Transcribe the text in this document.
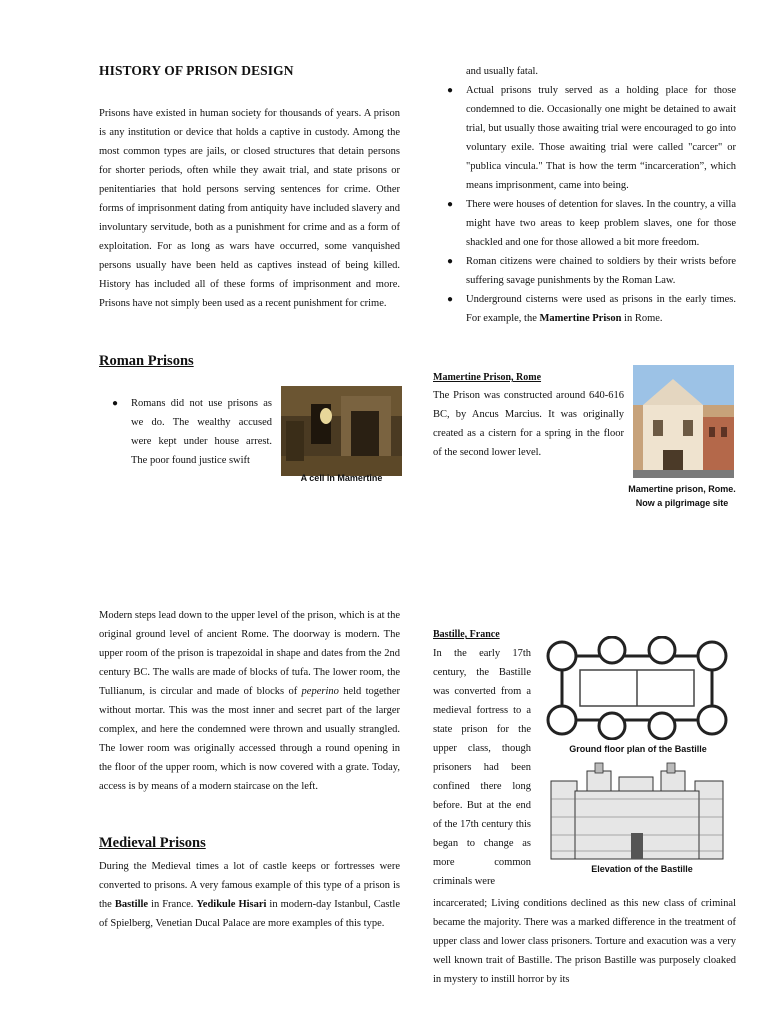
HISTORY OF PRISON DESIGN

Prisons have existed in human society for thousands of years. A prison is any institution or device that holds a captive in custody. Among the most common types are jails, or closed structures that detain persons for shorter periods, often while they await trial, and state prisons or penitentiaries that hold persons serving sentences for crime. Other forms of imprisonment dating from antiquity have included slavery and involuntary servitude, both as a punishment for crime and as a form of exploitation. For as long as wars have occurred, some vanquished persons usually have been held as captives instead of being killed. History has included all of these forms of imprisonment and more. Prisons have not simply been used as a recent punishment for crime.

Roman Prisons
● Romans did not use prisons as we do. The wealthy accused were kept under house arrest. The poor found justice swift
A cell in Mamertine

and usually fatal.

● Actual prisons truly served as a holding place for those condemned to die. Occasionally one might be detained to await trial, but usually those awaiting trial were encouraged to go into voluntary exile. Those awaiting trial were called "carcer" or "publica vincula." That is how the term “incarceration”, which means imprisonment, came into being.
● There were houses of detention for slaves. In the country, a villa might have two areas to keep problem slaves, one for those shackled and one for those allowed a bit more freedom.
● Roman citizens were chained to soldiers by their wrists before suffering savage punishments by the Roman Law.
● Underground cisterns were used as prisons in the early times. For example, the Mamertine Prison in Rome.
Mamertine Prison, Rome

The Prison was constructed around 640-616 BC, by Ancus Marcius. It was originally created as a cistern for a spring in the floor of the second lower level.

Mamertine prison, Rome.
Now a pilgrimage site

Modern steps lead down to the upper level of the prison, which is at the original ground level of ancient Rome. The doorway is modern. The upper room of the prison is trapezoidal in shape and dates from the 2nd century BC. The walls are made of blocks of tufa. The lower room, the Tullianum, is circular and made of blocks of peperino held together without mortar. This was the most inner and secret part of the larger complex, and here the condemned were thrown and usually strangled. The lower room was originally accessed through a round opening in the floor of the upper room, which is now covered with a grate. Today, access is by means of a modern staircase on the left.

Medieval Prisons

During the Medieval times a lot of castle keeps or fortresses were converted to prisons. A very famous example of this type of a prison is the Bastille in France. Yedikule Hisari in modern-day Istanbul, Castle of Spielberg, Venetian Ducal Palace are more examples of this type.

Bastille, France

In the early 17th century, the Bastille was converted from a medieval fortress to a state prison for the upper class, though prisoners had been confined there long before. But at the end of the 17th century this began to change as more common criminals were

incarcerated; Living conditions declined as this new class of criminal became the majority. There was a marked difference in the treatment of upper class and lower class prisoners. Torture and exacution was a very well known trait of Bastille. The prison Bastille was purposely cloaked in mystery to instill horror by its

Ground floor plan of the Bastille
Elevation of the Bastille
